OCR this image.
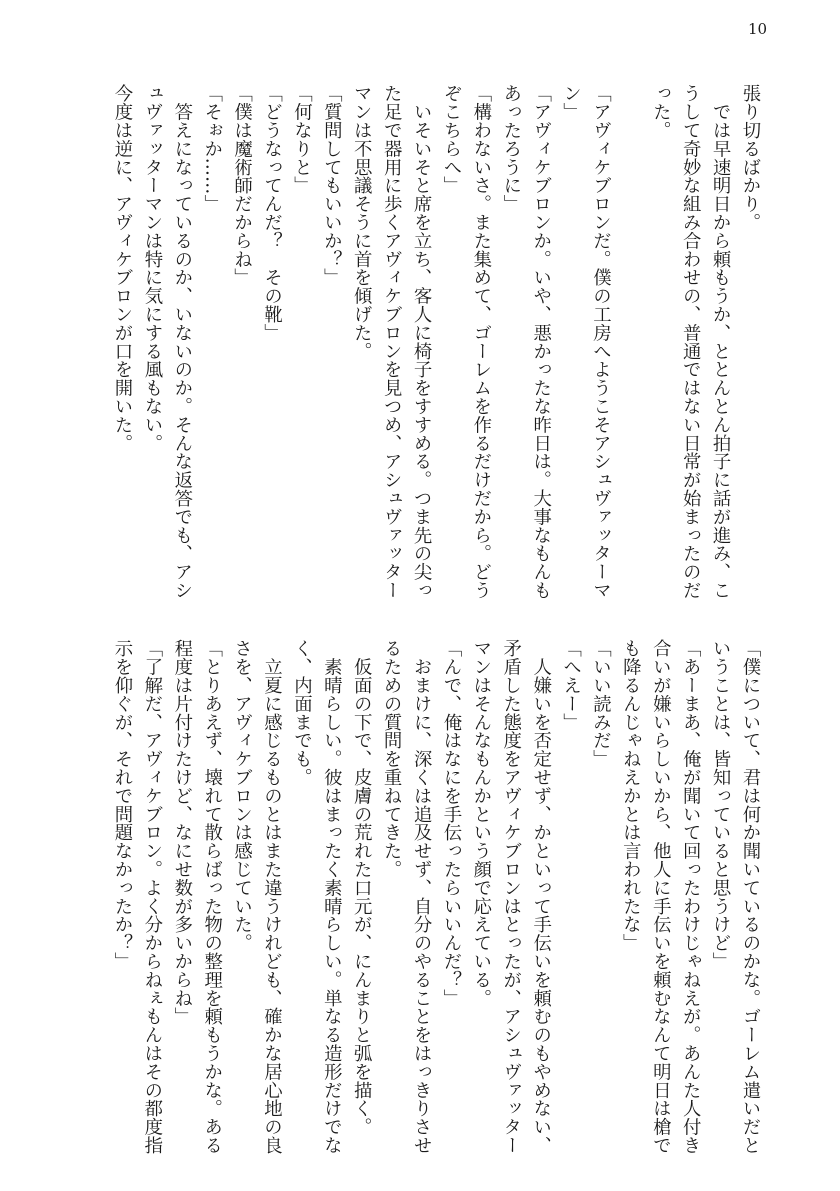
10
張り切るばかり。
　では早速明日から頼もうか、ととんとん拍子に話が進み、こ
うして奇妙な組み合わせの、普通ではない日常が始まったのだ
った。
「アヴィケブロンだ。僕の工房へようこそアシュヴァッターマ
ン」
「アヴィケブロンか。いや、悪かったな昨日は。大事なもんも
あったろうに」
「構わないさ。また集めて、ゴーレムを作るだけだから。どう
ぞこちらへ」
　いそいそと席を立ち、客人に椅子をすすめる。つま先の尖っ
た足で器用に歩くアヴィケブロンを見つめ、アシュヴァッター
マンは不思議そうに首を傾げた。
「質問してもいいか？」
「何なりと」
「どうなってんだ？　その靴」
「僕は魔術師だからね」
「そぉか……」
　答えになっているのか、いないのか。そんな返答でも、アシ
ュヴァッターマンは特に気にする風もない。
今度は逆に、アヴィケブロンが口を開いた。
「僕について、君は何か聞いているのかな。ゴーレム遣いだと
いうことは、皆知っていると思うけど」
「あーまあ、俺が聞いて回ったわけじゃねえが。あんた人付き
合いが嫌いらしいから、他人に手伝いを頼むなんて明日は槍で
も降るんじゃねえかとは言われたな」
「いい読みだ」
「へえー」
　人嫌いを否定せず、かといって手伝いを頼むのもやめない、
矛盾した態度をアヴィケブロンはとったが、アシュヴァッター
マンはそんなもんかという顔で応えている。
「んで、俺はなにを手伝ったらいいんだ？」
　おまけに、深くは追及せず、自分のやることをはっきりさせ
るための質問を重ねてきた。
　仮面の下で、皮膚の荒れた口元が、にんまりと弧を描く。
　素晴らしい。彼はまったく素晴らしい。単なる造形だけでな
く、内面までも。
　立夏に感じるものとはまた違うけれども、確かな居心地の良
さを、アヴィケブロンは感じていた。
「とりあえず、壊れて散らばった物の整理を頼もうかな。ある
程度は片付けたけど、なにせ数が多いからね」
「了解だ、アヴィケブロン。よく分からねぇもんはその都度指
示を仰ぐが、それで問題なかったか？」
